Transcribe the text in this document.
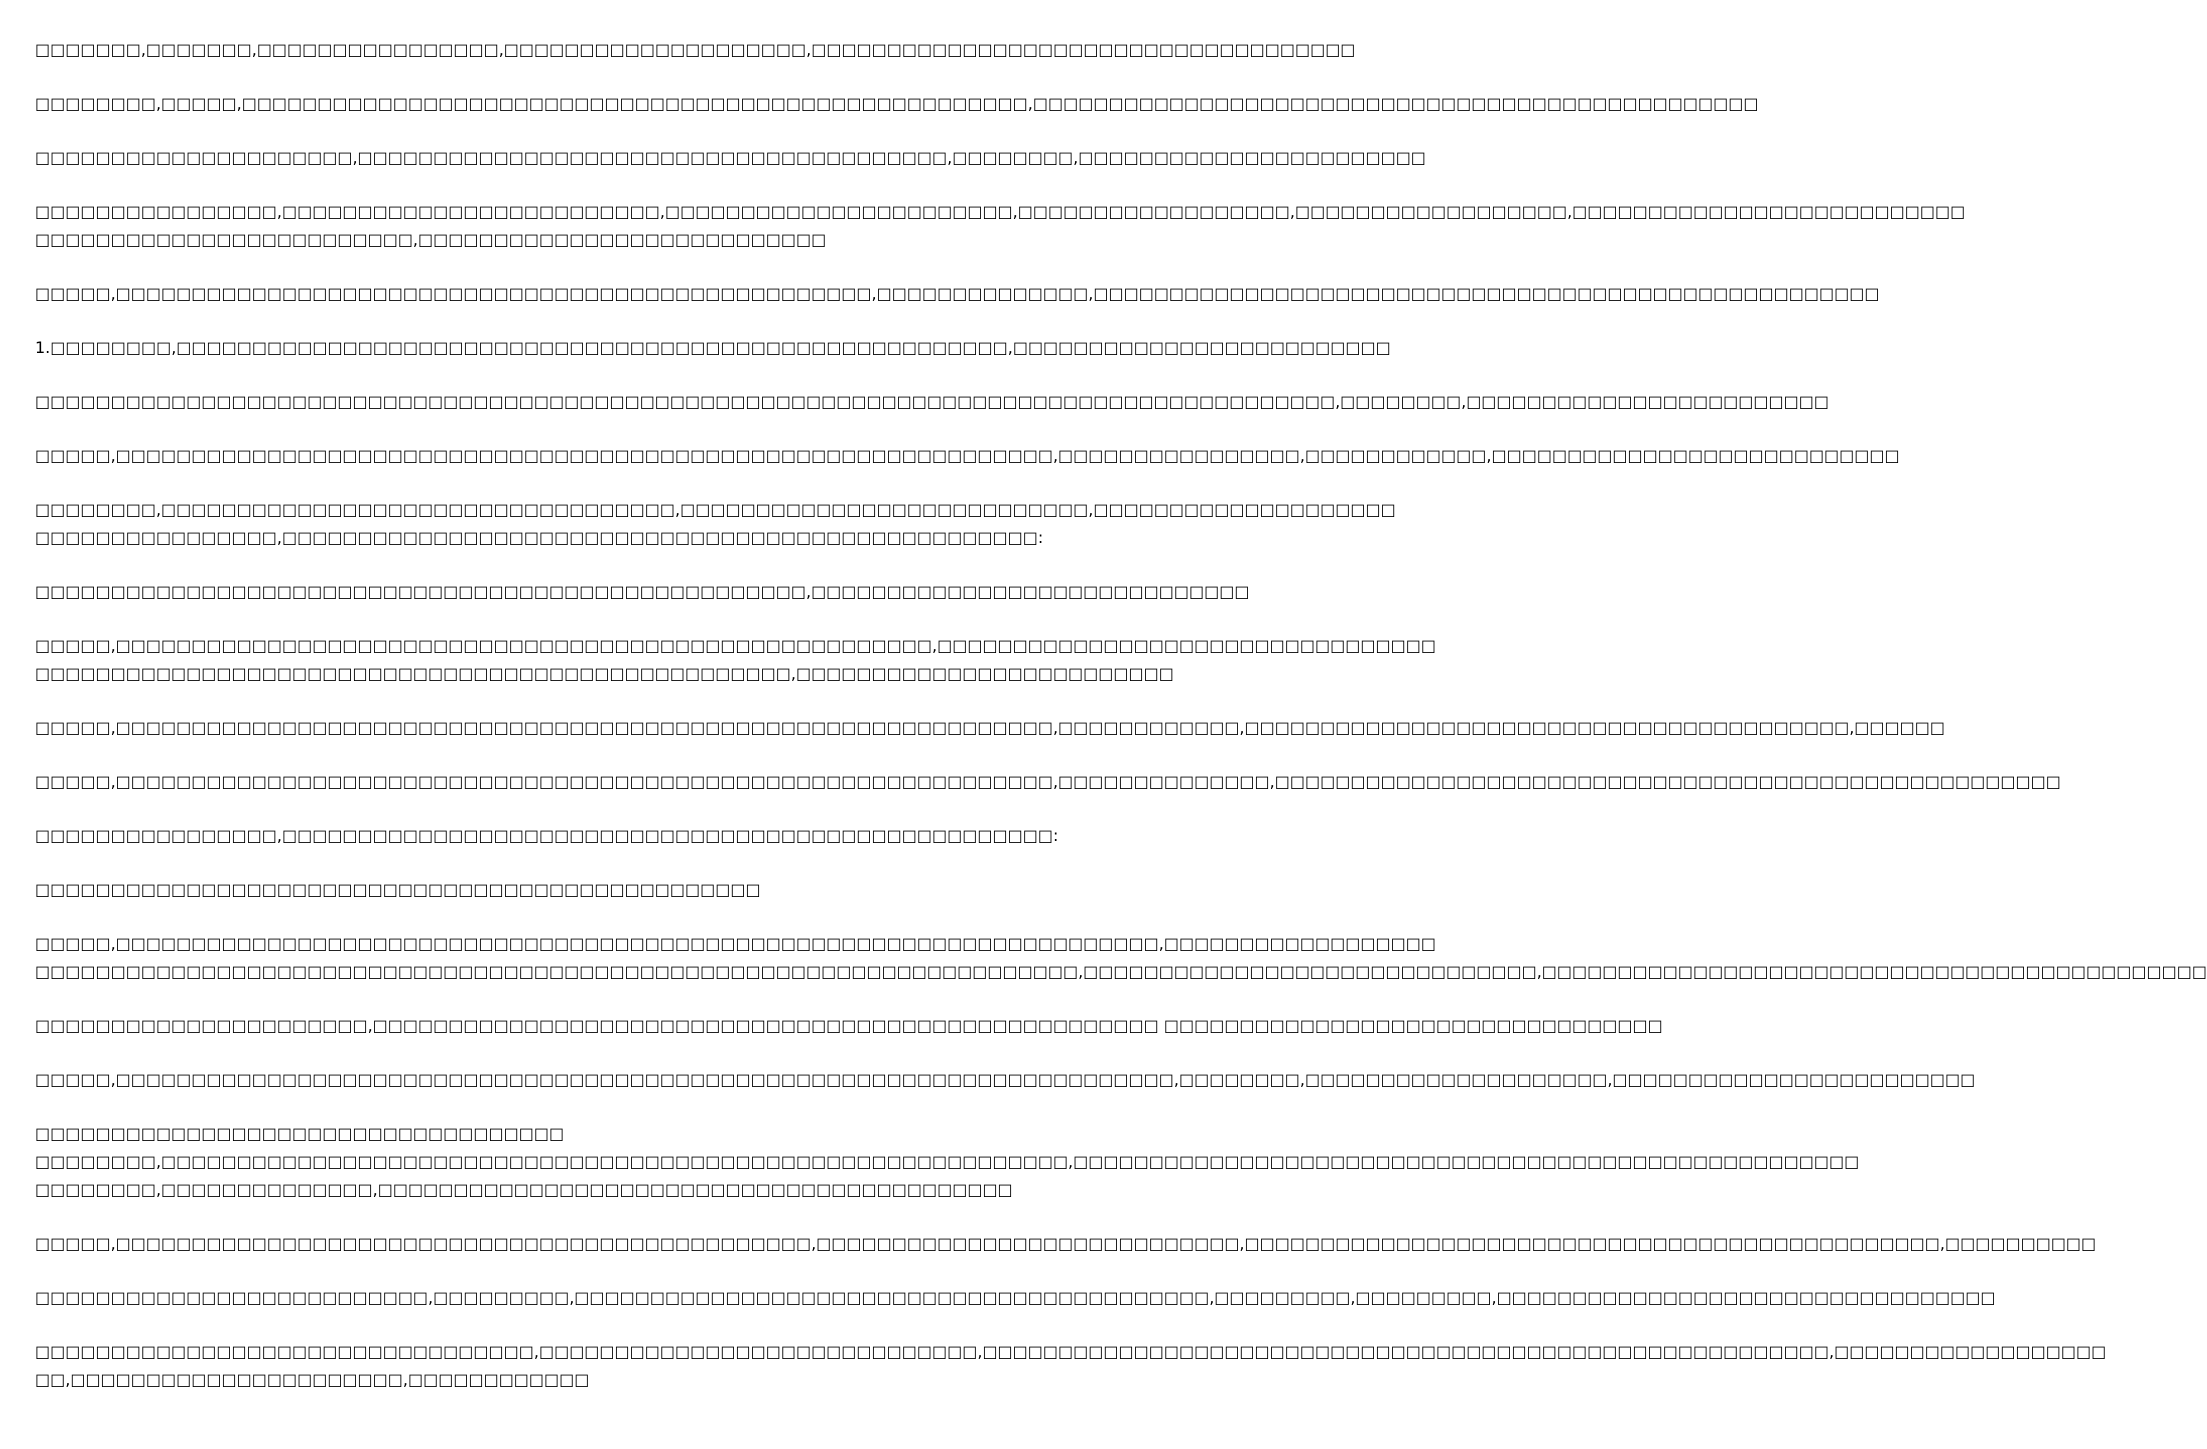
□□□□□□□,□□□□□□□,□□□□□□□□□□□□□□□□,□□□□□□□□□□□□□□□□□□□□,□□□□□□□□□□□□□□□□□□□□□□□□□□□□□□□□□□□□
□□□□□□□□,□□□□□,□□□□□□□□□□□□□□□□□□□□□□□□□□□□□□□□□□□□□□□□□□□□□□□□□□□□,□□□□□□□□□□□□□□□□□□□□□□□□□□□□□□□□□□□□□□□□□□□□□□□□
□□□□□□□□□□□□□□□□□□□□□,□□□□□□□□□□□□□□□□□□□□□□□□□□□□□□□□□□□□□□□,□□□□□□□□,□□□□□□□□□□□□□□□□□□□□□□□
□□□□□□□□□□□□□□□□,□□□□□□□□□□□□□□□□□□□□□□□□□,□□□□□□□□□□□□□□□□□□□□□□□,□□□□□□□□□□□□□□□□□□,□□□□□□□□□□□□□□□□□□,□□□□□□□□□□□□□□□□□□□□□□□□□□
□□□□□□□□□□□□□□□□□□□□□□□□□,□□□□□□□□□□□□□□□□□□□□□□□□□□□
□□□□□,□□□□□□□□□□□□□□□□□□□□□□□□□□□□□□□□□□□□□□□□□□□□□□□□□□,□□□□□□□□□□□□□□,□□□□□□□□□□□□□□□□□□□□□□□□□□□□□□□□□□□□□□□□□□□□□□□□□□□□
1.□□□□□□□□,□□□□□□□□□□□□□□□□□□□□□□□□□□□□□□□□□□□□□□□□□□□□□□□□□□□□□□□,□□□□□□□□□□□□□□□□□□□□□□□□□
□□□□□□□□□□□□□□□□□□□□□□□□□□□□□□□□□□□□□□□□□□□□□□□□□□□□□□□□□□□□□□□□□□□□□□□□□□□□□□□□□□□□□□,□□□□□□□□,□□□□□□□□□□□□□□□□□□□□□□□□
□□□□□,□□□□□□□□□□□□□□□□□□□□□□□□□□□□□□□□□□□□□□□□□□□□□□□□□□□□□□□□□□□□□□,□□□□□□□□□□□□□□□□,□□□□□□□□□□□□,□□□□□□□□□□□□□□□□□□□□□□□□□□□
□□□□□□□□,□□□□□□□□□□□□□□□□□□□□□□□□□□□□□□□□□□,□□□□□□□□□□□□□□□□□□□□□□□□□□□,□□□□□□□□□□□□□□□□□□□□
□□□□□□□□□□□□□□□□,□□□□□□□□□□□□□□□□□□□□□□□□□□□□□□□□□□□□□□□□□□□□□□□□□□:
□□□□□□□□□□□□□□□□□□□□□□□□□□□□□□□□□□□□□□□□□□□□□□□□□□□,□□□□□□□□□□□□□□□□□□□□□□□□□□□□□
□□□□□,□□□□□□□□□□□□□□□□□□□□□□□□□□□□□□□□□□□□□□□□□□□□□□□□□□□□□□,□□□□□□□□□□□□□□□□□□□□□□□□□□□□□□□□□
□□□□□□□□□□□□□□□□□□□□□□□□□□□□□□□□□□□□□□□□□□□□□□□□□□,□□□□□□□□□□□□□□□□□□□□□□□□□
□□□□□,□□□□□□□□□□□□□□□□□□□□□□□□□□□□□□□□□□□□□□□□□□□□□□□□□□□□□□□□□□□□□□,□□□□□□□□□□□□,□□□□□□□□□□□□□□□□□□□□□□□□□□□□□□□□□□□□□□□□,□□□□□□
□□□□□,□□□□□□□□□□□□□□□□□□□□□□□□□□□□□□□□□□□□□□□□□□□□□□□□□□□□□□□□□□□□□□,□□□□□□□□□□□□□□,□□□□□□□□□□□□□□□□□□□□□□□□□□□□□□□□□□□□□□□□□□□□□□□□□□□□
□□□□□□□□□□□□□□□□,□□□□□□□□□□□□□□□□□□□□□□□□□□□□□□□□□□□□□□□□□□□□□□□□□□□:
□□□□□□□□□□□□□□□□□□□□□□□□□□□□□□□□□□□□□□□□□□□□□□□□
□□□□□,□□□□□□□□□□□□□□□□□□□□□□□□□□□□□□□□□□□□□□□□□□□□□□□□□□□□□□□□□□□□□□□□□□□□□,□□□□□□□□□□□□□□□□□□
□□□□□□□□□□□□□□□□□□□□□□□□□□□□□□□□□□□□□□□□□□□□□□□□□□□□□□□□□□□□□□□□□□□□□,□□□□□□□□□□□□□□□□□□□□□□□□□□□□□□,□□□□□□□□□□□□□□□□□□□□□□□□□□□□□□□□□□□□□□□□□□□□
□□□□□□□□□□□□□□□□□□□□□□,□□□□□□□□□□□□□□□□□□□□□□□□□□□□□□□□□□□□□□□□□□□□□□□□□□□□ □□□□□□□□□□□□□□□□□□□□□□□□□□□□□□□□□
□□□□□,□□□□□□□□□□□□□□□□□□□□□□□□□□□□□□□□□□□□□□□□□□□□□□□□□□□□□□□□□□□□□□□□□□□□□□,□□□□□□□□,□□□□□□□□□□□□□□□□□□□□,□□□□□□□□□□□□□□□□□□□□□□□□
□□□□□□□□□□□□□□□□□□□□□□□□□□□□□□□□□□□
□□□□□□□□,□□□□□□□□□□□□□□□□□□□□□□□□□□□□□□□□□□□□□□□□□□□□□□□□□□□□□□□□□□□□,□□□□□□□□□□□□□□□□□□□□□□□□□□□□□□□□□□□□□□□□□□□□□□□□□□□□
□□□□□□□□,□□□□□□□□□□□□□□,□□□□□□□□□□□□□□□□□□□□□□□□□□□□□□□□□□□□□□□□□□
□□□□□,□□□□□□□□□□□□□□□□□□□□□□□□□□□□□□□□□□□□□□□□□□□□□□,□□□□□□□□□□□□□□□□□□□□□□□□□□□□,□□□□□□□□□□□□□□□□□□□□□□□□□□□□□□□□□□□□□□□□□□□□□□,□□□□□□□□□□
□□□□□□□□□□□□□□□□□□□□□□□□□□,□□□□□□□□□,□□□□□□□□□□□□□□□□□□□□□□□□□□□□□□□□□□□□□□□□□□,□□□□□□□□□,□□□□□□□□□,□□□□□□□□□□□□□□□□□□□□□□□□□□□□□□□□□
□□□□□□□□□□□□□□□□□□□□□□□□□□□□□□□□□,□□□□□□□□□□□□□□□□□□□□□□□□□□□□□,□□□□□□□□□□□□□□□□□□□□□□□□□□□□□□□□□□□□□□□□□□□□□□□□□□□□□□□□,□□□□□□□□□□□□□□□□□□
□□,□□□□□□□□□□□□□□□□□□□□□□,□□□□□□□□□□□□
